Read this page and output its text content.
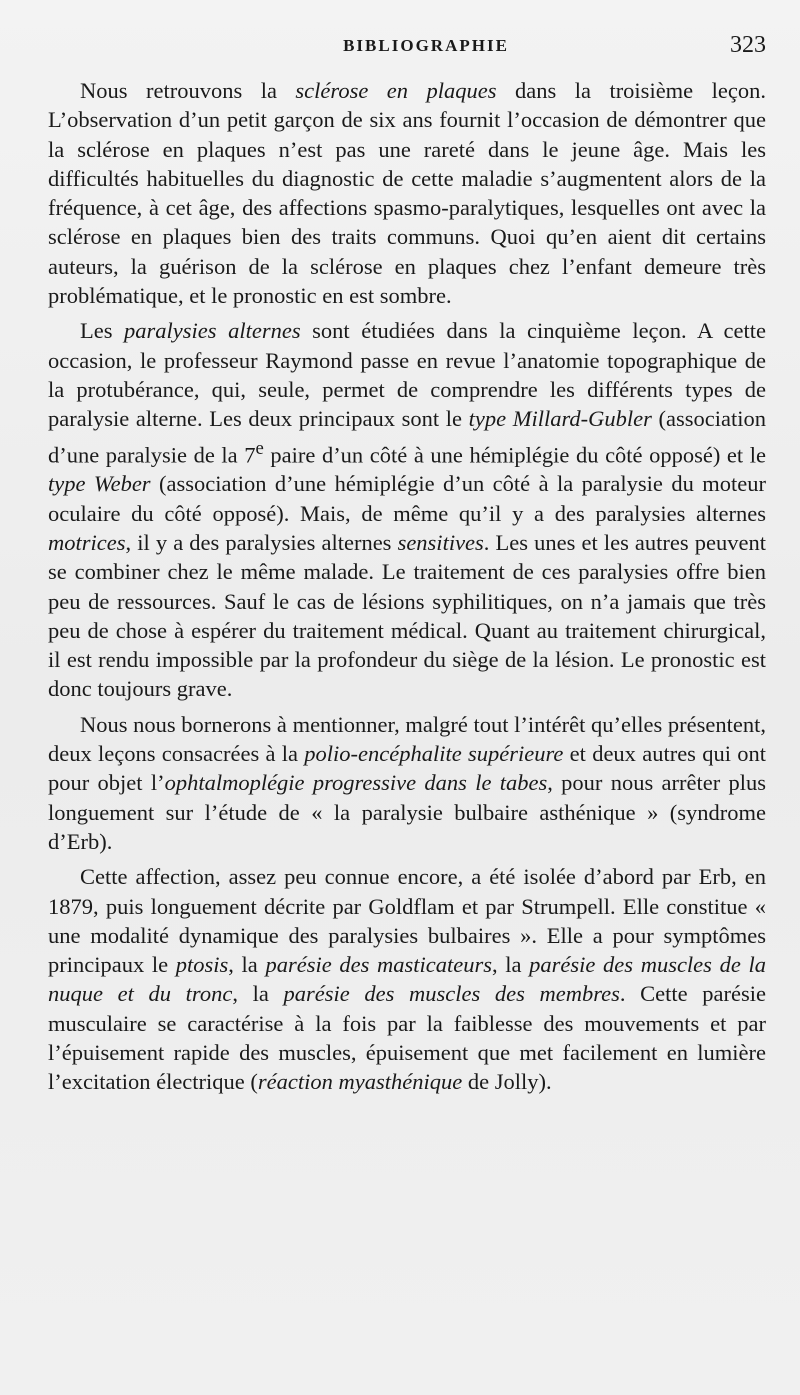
BIBLIOGRAPHIE	323

Nous retrouvons la sclérose en plaques dans la troisième leçon. L’observation d’un petit garçon de six ans fournit l’occasion de démontrer que la sclérose en plaques n’est pas une rareté dans le jeune âge. Mais les difficultés habituelles du diagnostic de cette maladie s’augmentent alors de la fréquence, à cet âge, des affections spasmo-paralytiques, lesquelles ont avec la sclérose en plaques bien des traits communs. Quoi qu’en aient dit certains auteurs, la guérison de la sclérose en plaques chez l’enfant demeure très problématique, et le pronostic en est sombre.

Les paralysies alternes sont étudiées dans la cinquième leçon. A cette occasion, le professeur Raymond passe en revue l’anatomie topographique de la protubérance, qui, seule, permet de comprendre les différents types de paralysie alterne. Les deux principaux sont le type Millard-Gubler (association d’une paralysie de la 7e paire d’un côté à une hémiplégie du côté opposé) et le type Weber (association d’une hémiplégie d’un côté à la paralysie du moteur oculaire du côté opposé). Mais, de même qu’il y a des paralysies alternes motrices, il y a des paralysies alternes sensitives. Les unes et les autres peuvent se combiner chez le même malade. Le traitement de ces paralysies offre bien peu de ressources. Sauf le cas de lésions syphilitiques, on n’a jamais que très peu de chose à espérer du traitement médical. Quant au traitement chirurgical, il est rendu impossible par la profondeur du siège de la lésion. Le pronostic est donc toujours grave.

Nous nous bornerons à mentionner, malgré tout l’intérêt qu’elles présentent, deux leçons consacrées à la polio-encéphalite supérieure et deux autres qui ont pour objet l’ophtalmoplégie progressive dans le tabes, pour nous arrêter plus longuement sur l’étude de « la paralysie bulbaire asthénique » (syndrome d’Erb).

Cette affection, assez peu connue encore, a été isolée d’abord par Erb, en 1879, puis longuement décrite par Goldflam et par Strumpell. Elle constitue « une modalité dynamique des paralysies bulbaires ». Elle a pour symptômes principaux le ptosis, la parésie des masticateurs, la parésie des muscles de la nuque et du tronc, la parésie des muscles des membres. Cette parésie musculaire se caractérise à la fois par la faiblesse des mouvements et par l’épuisement rapide des muscles, épuisement que met facilement en lumière l’excitation électrique (réaction myasthénique de Jolly).
